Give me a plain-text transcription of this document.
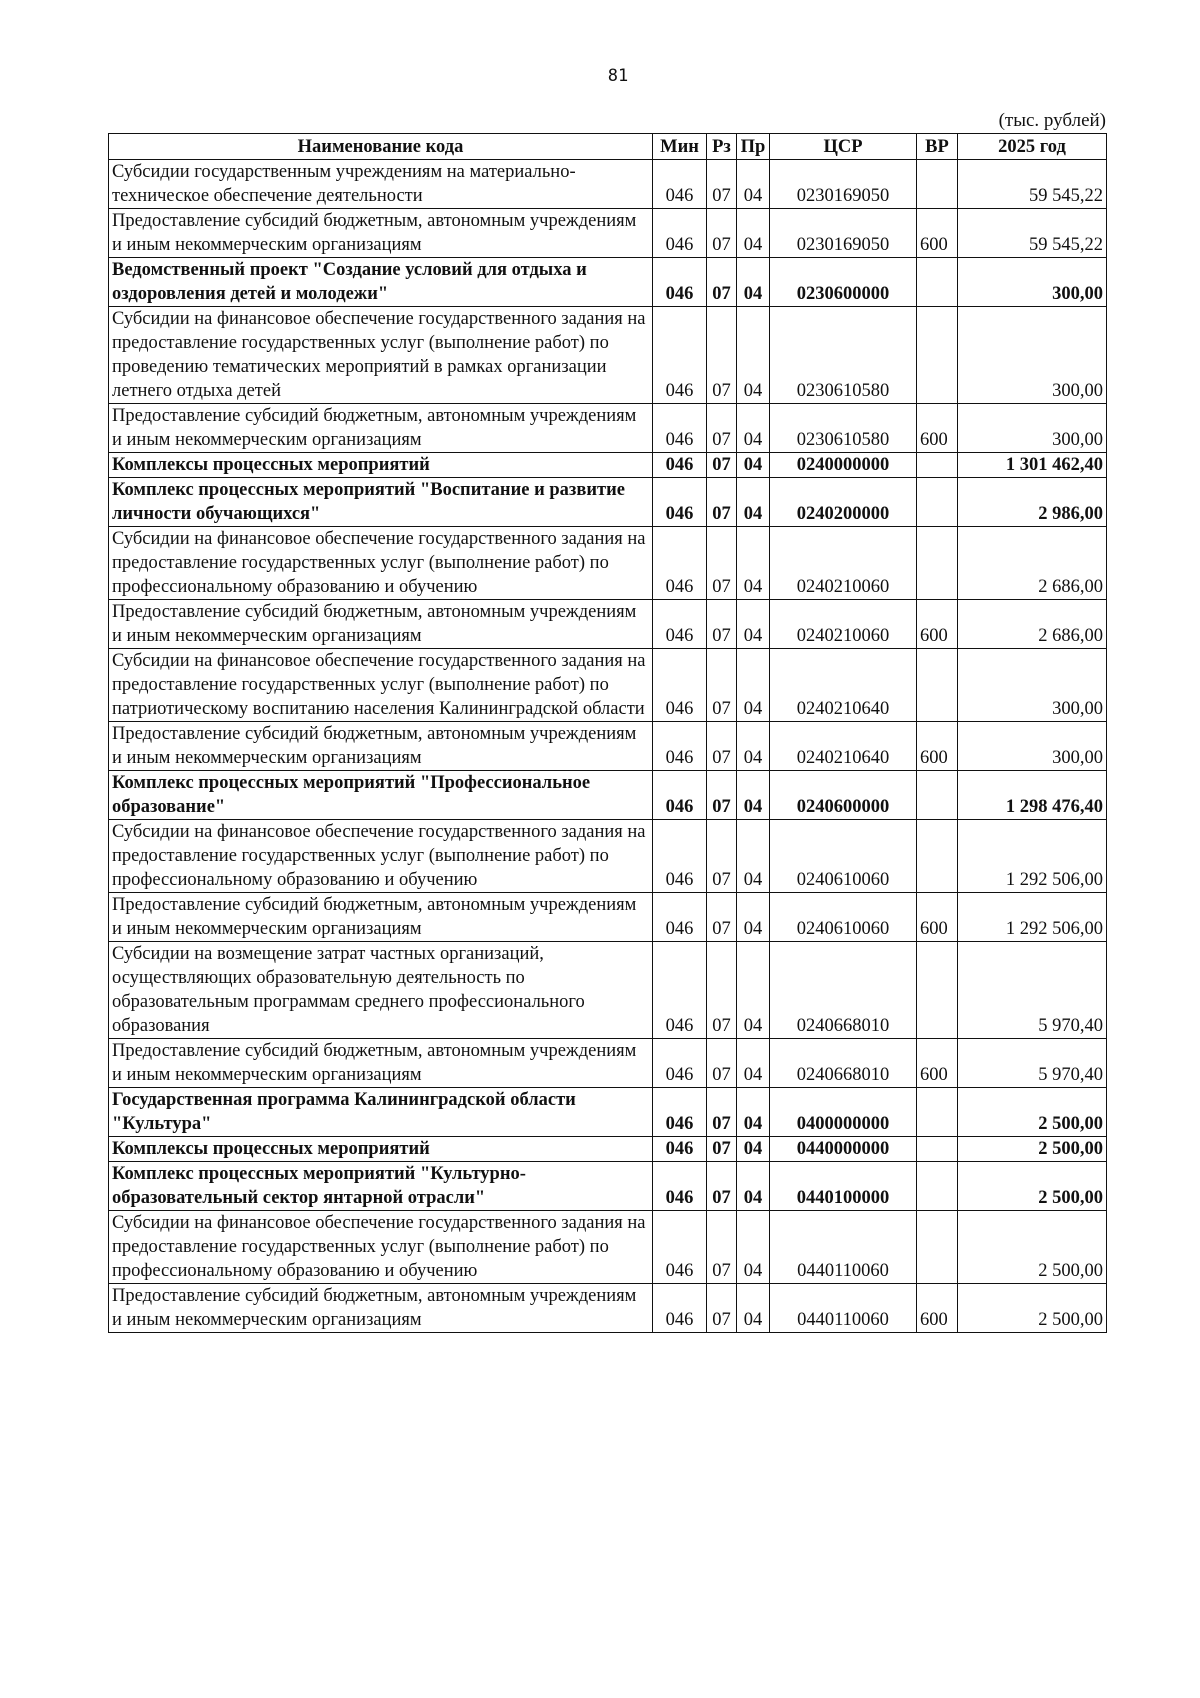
81
(тыс. рублей)
Наименование кода	Мин	Рз	Пр	ЦСР	ВР	2025 год
Субсидии государственным учреждениям на материально-техническое обеспечение деятельности	046	07	04	0230169050		59 545,22
Предоставление субсидий бюджетным, автономным учреждениям и иным некоммерческим организациям	046	07	04	0230169050	600	59 545,22
Ведомственный проект "Создание условий для отдыха и оздоровления детей и молодежи"	046	07	04	0230600000		300,00
Субсидии на финансовое обеспечение государственного задания на предоставление государственных услуг (выполнение работ) по проведению тематических мероприятий в рамках организации летнего отдыха детей	046	07	04	0230610580		300,00
Предоставление субсидий бюджетным, автономным учреждениям и иным некоммерческим организациям	046	07	04	0230610580	600	300,00
Комплексы процессных мероприятий	046	07	04	0240000000		1 301 462,40
Комплекс процессных мероприятий "Воспитание и развитие личности обучающихся"	046	07	04	0240200000		2 986,00
Субсидии на финансовое обеспечение государственного задания на предоставление государственных услуг (выполнение работ) по профессиональному образованию и обучению	046	07	04	0240210060		2 686,00
Предоставление субсидий бюджетным, автономным учреждениям и иным некоммерческим организациям	046	07	04	0240210060	600	2 686,00
Субсидии на финансовое обеспечение государственного задания на предоставление государственных услуг (выполнение работ) по патриотическому воспитанию населения Калининградской области	046	07	04	0240210640		300,00
Предоставление субсидий бюджетным, автономным учреждениям и иным некоммерческим организациям	046	07	04	0240210640	600	300,00
Комплекс процессных мероприятий "Профессиональное образование"	046	07	04	0240600000		1 298 476,40
Субсидии на финансовое обеспечение государственного задания на предоставление государственных услуг (выполнение работ) по профессиональному образованию и обучению	046	07	04	0240610060		1 292 506,00
Предоставление субсидий бюджетным, автономным учреждениям и иным некоммерческим организациям	046	07	04	0240610060	600	1 292 506,00
Субсидии на возмещение затрат частных организаций, осуществляющих образовательную деятельность по образовательным программам среднего профессионального образования	046	07	04	0240668010		5 970,40
Предоставление субсидий бюджетным, автономным учреждениям и иным некоммерческим организациям	046	07	04	0240668010	600	5 970,40
Государственная программа Калининградской области "Культура"	046	07	04	0400000000		2 500,00
Комплексы процессных мероприятий	046	07	04	0440000000		2 500,00
Комплекс процессных мероприятий "Культурно-образовательный сектор янтарной отрасли"	046	07	04	0440100000		2 500,00
Субсидии на финансовое обеспечение государственного задания на предоставление государственных услуг (выполнение работ) по профессиональному образованию и обучению	046	07	04	0440110060		2 500,00
Предоставление субсидий бюджетным, автономным учреждениям и иным некоммерческим организациям	046	07	04	0440110060	600	2 500,00
